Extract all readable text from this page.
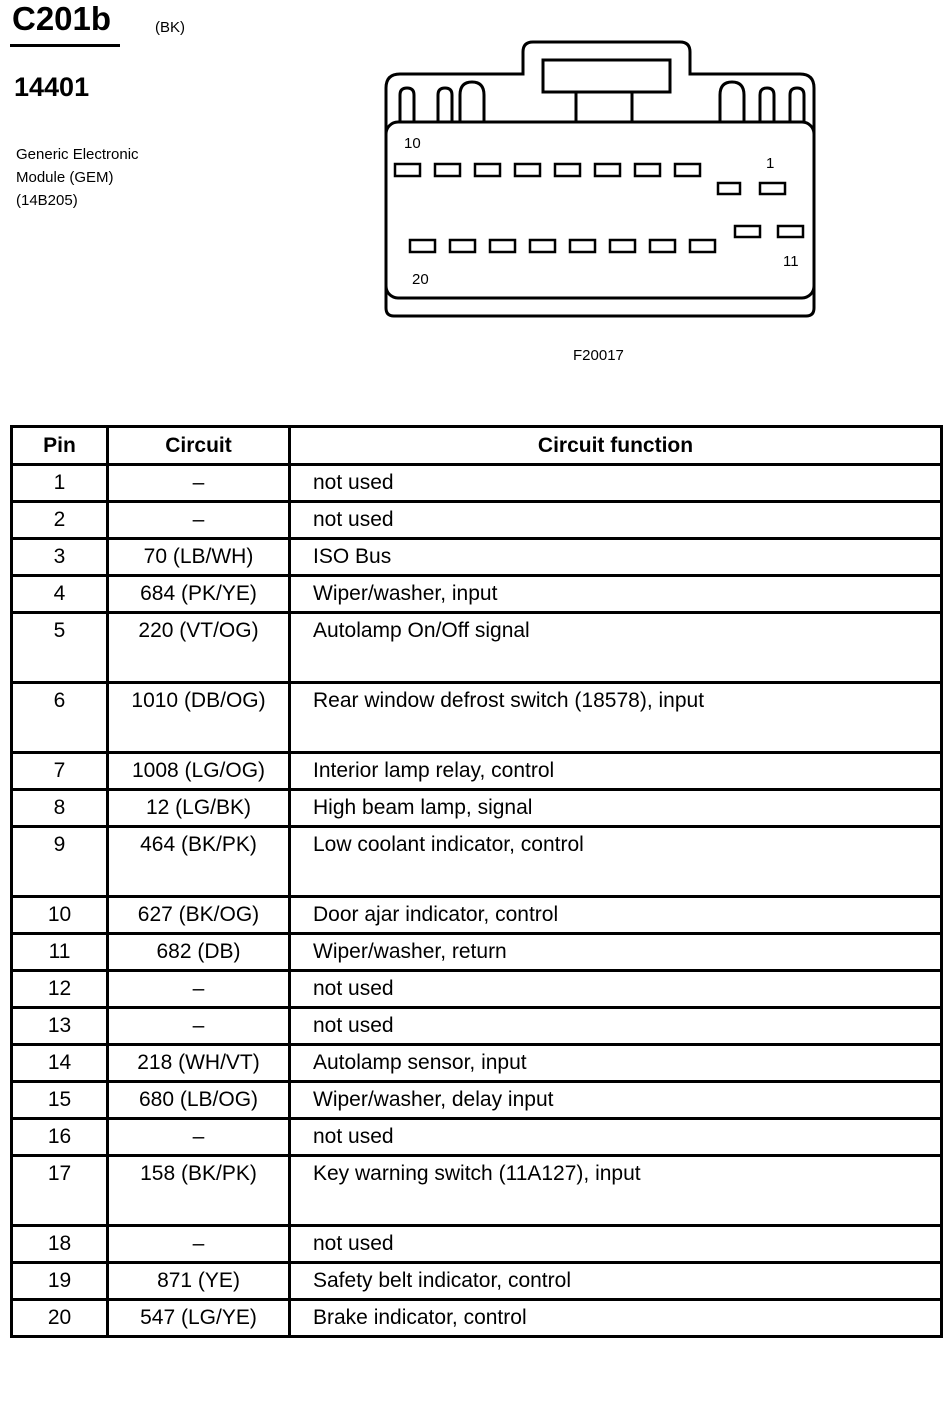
C201b	(BK)
14401
Generic Electronic
Module (GEM)
(14B205)
10
1
20
11
F20017
Pin	Circuit	Circuit function
1	–	not used
2	–	not used
3	70 (LB/WH)	ISO Bus
4	684 (PK/YE)	Wiper/washer, input
5	220 (VT/OG)	Autolamp On/Off signal
6	1010 (DB/OG)	Rear window defrost switch (18578), input
7	1008 (LG/OG)	Interior lamp relay, control
8	12 (LG/BK)	High beam lamp, signal
9	464 (BK/PK)	Low coolant indicator, control
10	627 (BK/OG)	Door ajar indicator, control
11	682 (DB)	Wiper/washer, return
12	–	not used
13	–	not used
14	218 (WH/VT)	Autolamp sensor, input
15	680 (LB/OG)	Wiper/washer, delay input
16	–	not used
17	158 (BK/PK)	Key warning switch (11A127), input
18	–	not used
19	871 (YE)	Safety belt indicator, control
20	547 (LG/YE)	Brake indicator, control
